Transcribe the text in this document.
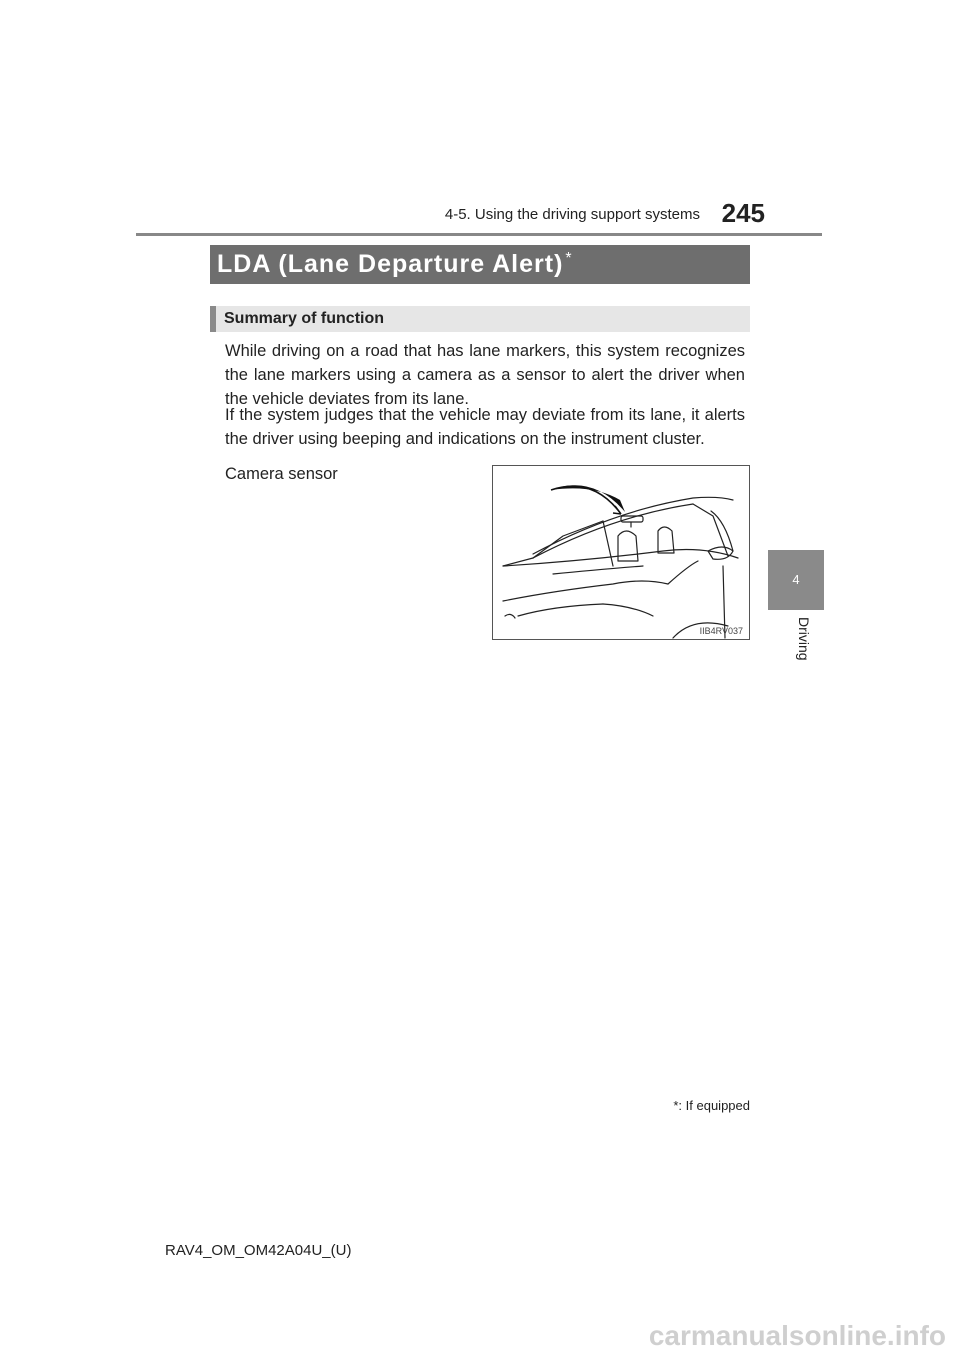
4-5. Using the driving support systems 245
4
Driving
LDA (Lane Departure Alert) *
Summary of function
While driving on a road that has lane markers, this system recognizes the lane markers using a camera as a sensor to alert the driver when the vehicle deviates from its lane.
If the system judges that the vehicle may deviate from its lane, it alerts the driver using beeping and indications on the instrument cluster.
Camera sensor
IIB4RV037
*: If equipped
RAV4_OM_OM42A04U_(U)
carmanualsonline.info
